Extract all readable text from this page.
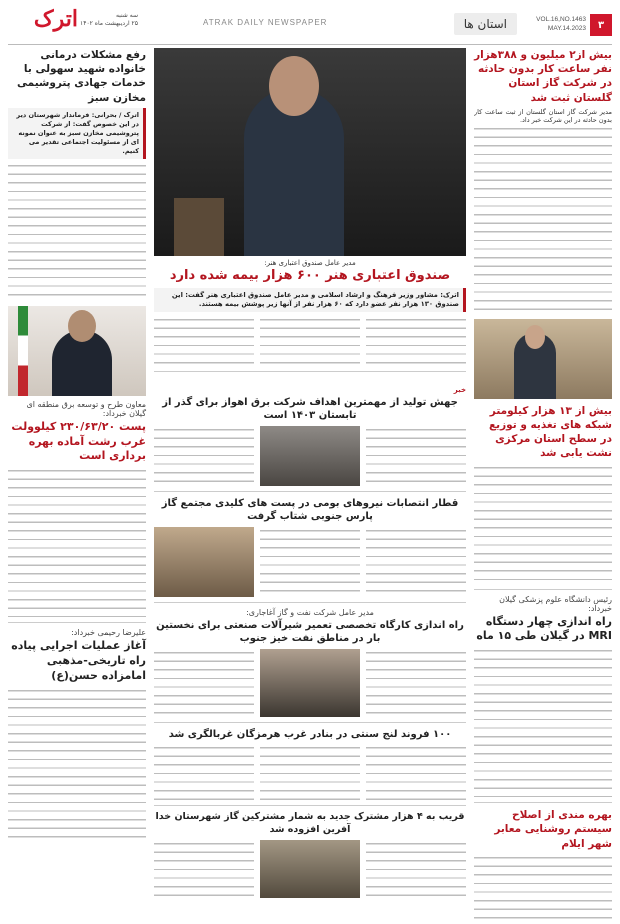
۳
VOL.16,NO.1463
MAY.14.2023
استان ها
ATRAK DAILY NEWSPAPER
سه شنبه
۲۵ اردیبهشت ماه ۱۴۰۲
اترک
بیش از۲ میلیون و ۳۸۸هزار نفر ساعت کار بدون حادثه در شرکت گاز استان گلستان ثبت شد
مدیر شرکت گاز استان گلستان از ثبت ساعت کار بدون حادثه در این شرکت خبر داد.
بیش از ۱۳ هزار کیلومتر شبکه های تغذیه و توزیع در سطح استان مرکزی نشت یابی شد
رئیس دانشگاه علوم پزشکی گیلان خبرداد:
راه اندازی چهار دستگاه MRI در گیلان طی ۱۵ ماه
بهره مندی از اصلاح سیستم روشنایی معابر شهر ایلام
مدیر عامل صندوق اعتباری هنر:
صندوق اعتباری هنر ۶۰۰ هزار بیمه شده دارد
اترک: مشاور وزیر فرهنگ و ارشاد اسلامی و مدیر عامل صندوق اعتباری هنر گفت: این صندوق ۱۳۰ هزار نفر عضو دارد که ۶۰ هزار نفر از آنها زیر پوشش بیمه هستند.
خبر
جهش تولید از مهمترین اهداف شرکت برق اهواز برای گذر از تابستان ۱۴۰۳ است
قطار انتصابات نیروهای بومی در پست های کلیدی مجتمع گاز پارس جنوبی شتاب گرفت
مدیر عامل شرکت نفت و گاز آغاجاری:
راه اندازی کارگاه تخصصی تعمیر شیرآلات صنعتی برای نخستین بار در مناطق نفت خیز جنوب
۱۰۰ فروند لنج سنتی در بنادر غرب هرمزگان غربالگری شد
قریب به ۴ هزار مشترک جدید به شمار مشترکین گاز شهرستان خدا آفرین افزوده شد
رفع مشکلات درمانی خانواده شهید سهولی با خدمات جهادی پتروشیمی مخازن سبز
اترک / بحرانی: فرماندار شهرستان دیر در این خصوص گفت: از شرکت پتروشیمی مخازن سبز به عنوان نمونه ای از مسئولیت اجتماعی تقدیر می کنیم.
معاون طرح و توسعه برق منطقه ای گیلان خبرداد:
پست ۲۳۰/۶۳/۲۰ کیلوولت غرب رشت آماده بهره برداری است
علیرضا رحیمی خبرداد:
آغاز عملیات اجرایی پیاده راه تاریخی-مذهبی امامزاده حسن(ع)
